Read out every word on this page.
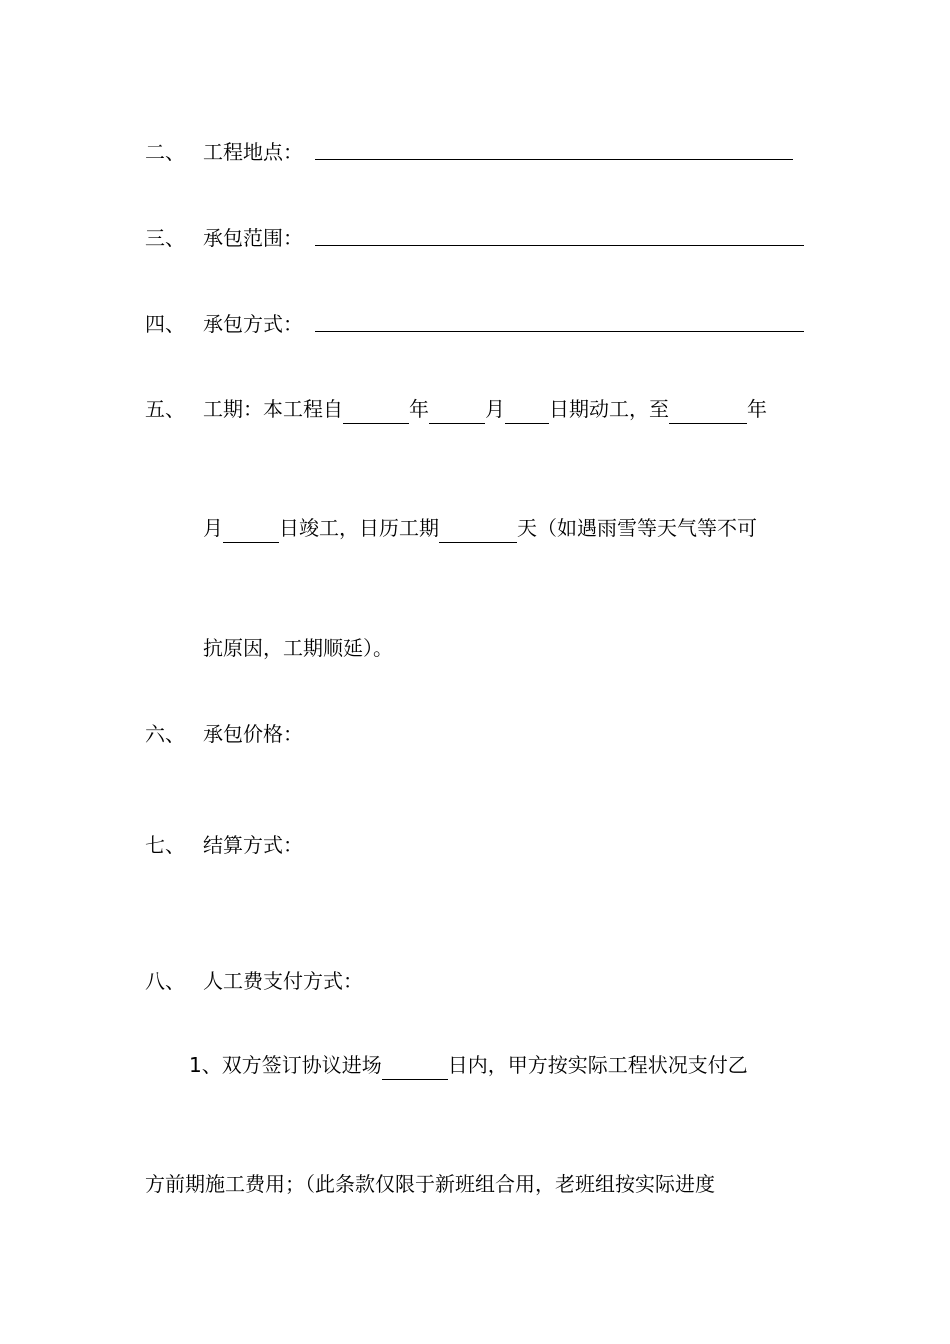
二、 工程地点：
三、 承包范围：
四、 承包方式：
五、 工期：本工程自	年	月 日期动工，至	年
月	日竣工，日历工期	天（如遇雨雪等天气等不可
抗原因，工期顺延）。
六、 承包价格：
七、 结算方式：
八、 人工费支付方式：
1、双方签订协议进场	日内，甲方按实际工程状况支付乙
方前期施工费用；（此条款仅限于新班组合用，老班组按实际进度
